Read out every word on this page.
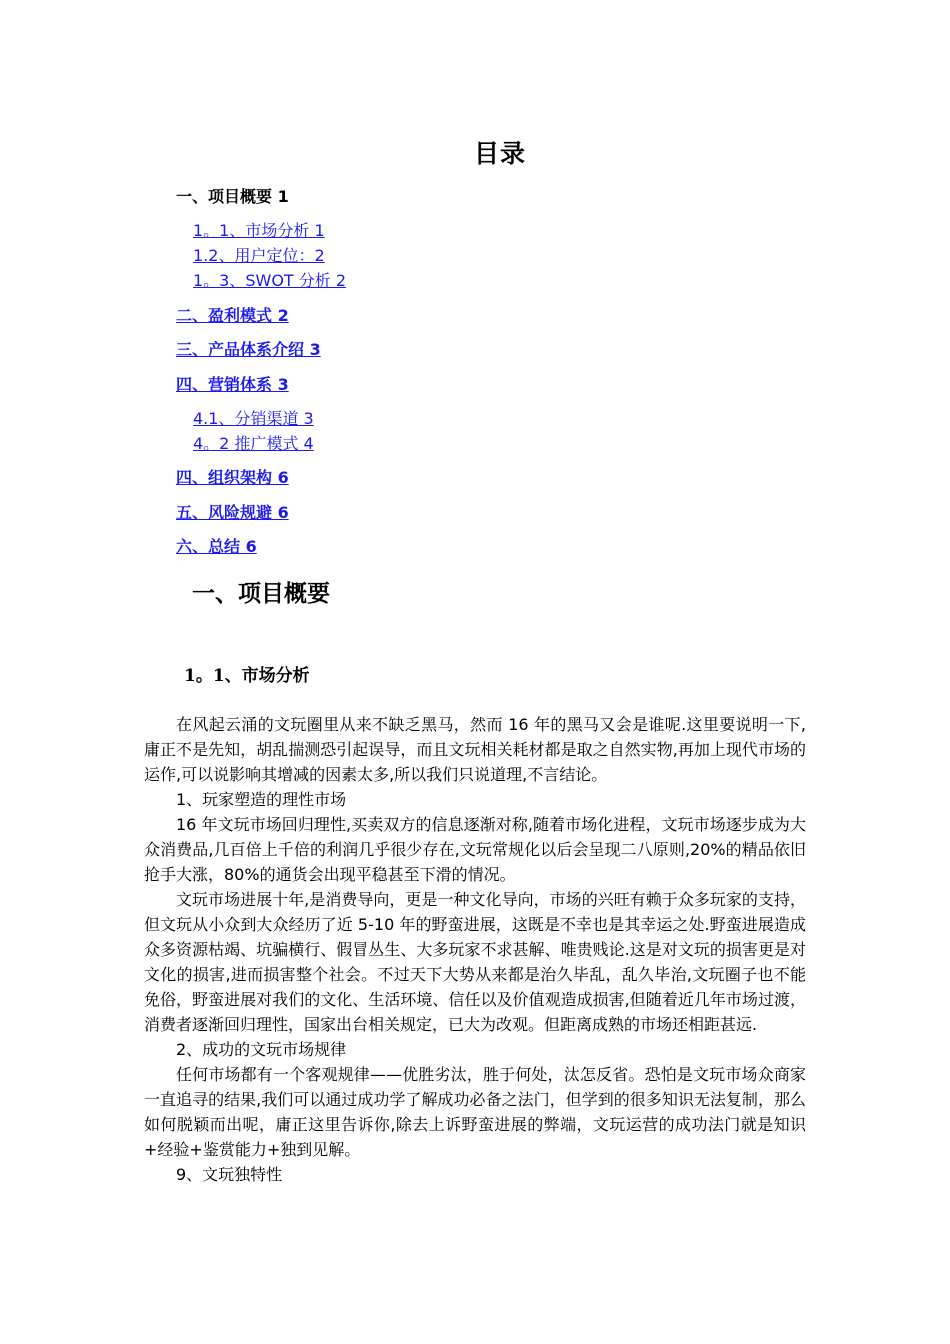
目录
一、项目概要 1
1。1、市场分析 1
1.2、用户定位：2
1。3、SWOT 分析 2
二、盈利模式 2
三、产品体系介绍 3
四、营销体系 3
4.1、分销渠道 3
4。2 推广模式 4
四、组织架构 6
五、风险规避 6
六、总结 6
一、项目概要
1。1、市场分析

在风起云涌的文玩圈里从来不缺乏黑马，然而 16 年的黑马又会是谁呢.这里要说明一下,庸正不是先知，胡乱揣测恐引起误导，而且文玩相关耗材都是取之自然实物,再加上现代市场的运作,可以说影响其增减的因素太多,所以我们只说道理,不言结论。

1、玩家塑造的理性市场

16 年文玩市场回归理性,买卖双方的信息逐渐对称,随着市场化进程，文玩市场逐步成为大众消费品,几百倍上千倍的利润几乎很少存在,文玩常规化以后会呈现二八原则,20%的精品依旧抢手大涨，80%的通货会出现平稳甚至下滑的情况。

文玩市场进展十年,是消费导向，更是一种文化导向，市场的兴旺有赖于众多玩家的支持，但文玩从小众到大众经历了近 5-10 年的野蛮进展，这既是不幸也是其幸运之处.野蛮进展造成众多资源枯竭、坑骗横行、假冒丛生、大多玩家不求甚解、唯贵贱论.这是对文玩的损害更是对文化的损害,进而损害整个社会。不过天下大势从来都是治久毕乱，乱久毕治,文玩圈子也不能免俗，野蛮进展对我们的文化、生活环境、信任以及价值观造成损害,但随着近几年市场过渡，消费者逐渐回归理性，国家出台相关规定，已大为改观。但距离成熟的市场还相距甚远.

2、成功的文玩市场规律

任何市场都有一个客观规律——优胜劣汰，胜于何处，汰怎反省。恐怕是文玩市场众商家一直追寻的结果,我们可以通过成功学了解成功必备之法门，但学到的很多知识无法复制，那么如何脱颖而出呢，庸正这里告诉你,除去上诉野蛮进展的弊端，文玩运营的成功法门就是知识+经验+鉴赏能力+独到见解。

9、文玩独特性
